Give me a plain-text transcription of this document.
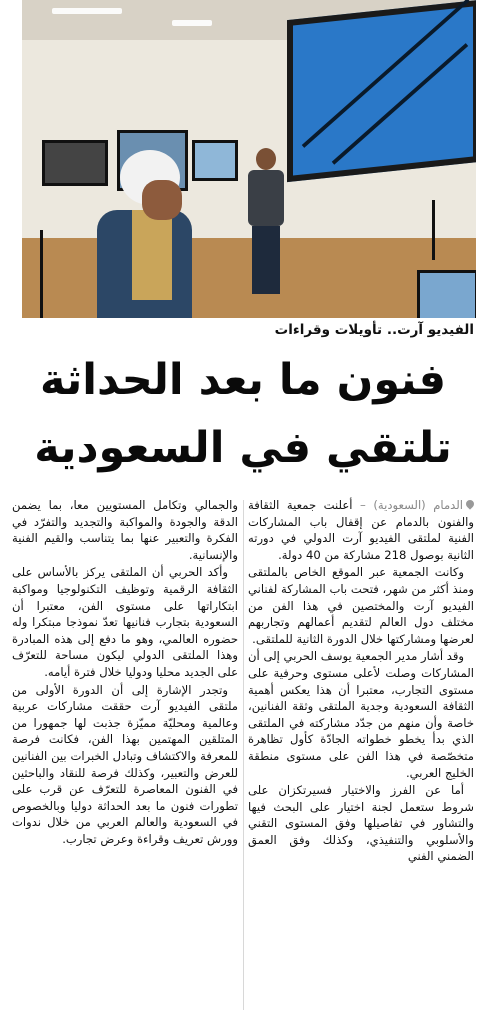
الفيديو آرت.. تأويلات وقراءات
فنون ما بعد الحداثة
تلتقي في السعودية

الدمام (السعودية) – أعلنت جمعية الثقافة والفنون بالدمام عن إقفال باب المشاركات الفنية لملتقى الفيديو آرت الدولي في دورته الثانية بوصول 218 مشاركة من 40 دولة.

وكانت الجمعية عبر الموقع الخاص بالملتقى ومنذ أكثر من شهر، فتحت باب المشاركة لفناني الفيديو آرت والمختصين في هذا الفن من مختلف دول العالم لتقديم أعمالهم وتجاربهم لعرضها ومشاركتها خلال الدورة الثانية للملتقى.

وقد أشار مدير الجمعية يوسف الحربي إلى أن المشاركات وصلت لأعلى مستوى وحرفية على مستوى التجارب، معتبرا أن هذا يعكس أهمية الثقافة السعودية وجدية الملتقى وثقة الفنانين، خاصة وأن منهم من جدّد مشاركته في الملتقى الذي بدأ يخطو خطواته الجادّة كأول تظاهرة متخصّصة في هذا الفن على مستوى منطقة الخليج العربي.

أما عن الفرز والاختيار فسيرتكزان على شروط ستعمل لجنة اختيار على البحث فيها والتشاور في تفاصيلها وفق المستوى التقني والأسلوبي والتنفيذي، وكذلك وفق العمق الضمني الفني

والجمالي وتكامل المستويين معا، بما يضمن الدقة والجودة والمواكبة والتجديد والتفرّد في الفكرة والتعبير عنها بما يتناسب والقيم الفنية والإنسانية.

وأكد الحربي أن الملتقى يركز بالأساس على الثقافة الرقمية وتوظيف التكنولوجيا ومواكبة ابتكاراتها على مستوى الفن، معتبرا أن السعودية بتجارب فنانيها تعدّ نموذجا مبتكرا وله حضوره العالمي، وهو ما دفع إلى هذه المبادرة وهذا الملتقى الدولي ليكون مساحة للتعرّف على الجديد محليا ودوليا خلال فترة أيامه.

وتجدر الإشارة إلى أن الدورة الأولى من ملتقى الفيديو آرت حققت مشاركات عربية وعالمية ومحليّة مميّزة جذبت لها جمهورا من المتلقين المهتمين بهذا الفن، فكانت فرصة للمعرفة والاكتشاف وتبادل الخبرات بين الفنانين للعرض والتعبير، وكذلك فرصة للنقاد والباحثين في الفنون المعاصرة للتعرّف عن قرب على تطورات فنون ما بعد الحداثة دوليا وبالخصوص في السعودية والعالم العربي من خلال ندوات وورش تعريف وقراءة وعرض تجارب.
